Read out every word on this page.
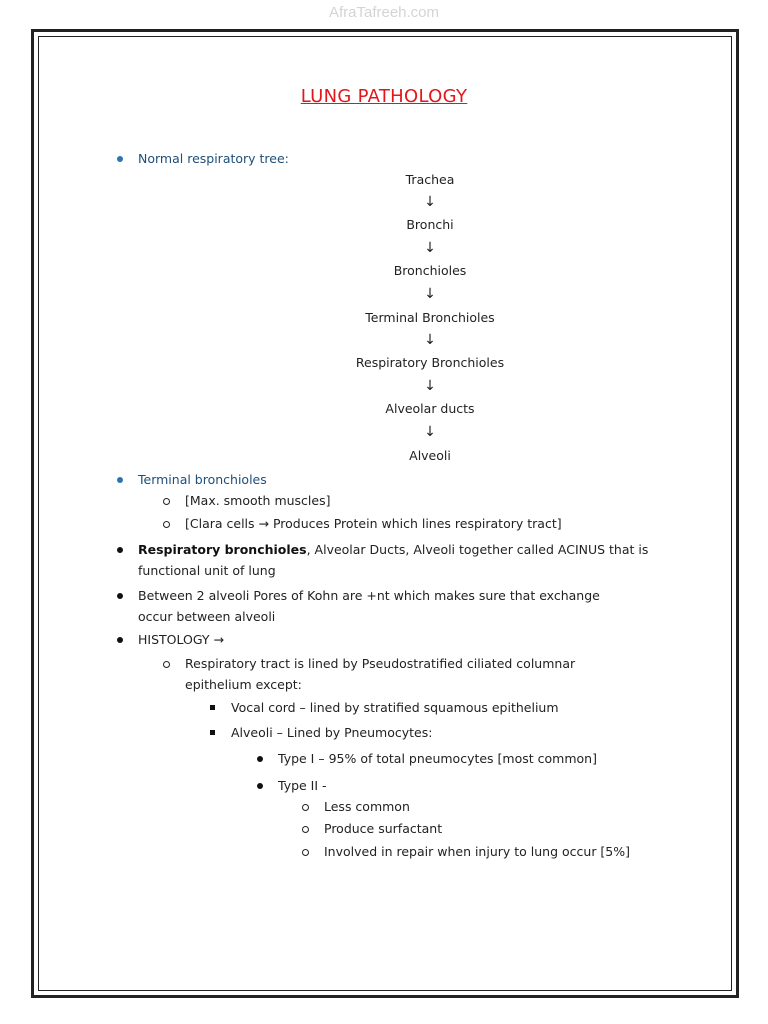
AfraTafreeh.com
LUNG PATHOLOGY
Normal respiratory tree:
Trachea
↓
Bronchi
↓
Bronchioles
↓
Terminal Bronchioles
↓
Respiratory Bronchioles
↓
Alveolar ducts
↓
Alveoli
Terminal bronchioles
[Max. smooth muscles]
[Clara cells → Produces Protein which lines respiratory tract]
Respiratory bronchioles, Alveolar Ducts, Alveoli together called ACINUS that is
functional unit of lung
Between 2 alveoli Pores of Kohn are +nt which makes sure that exchange
occur between alveoli
HISTOLOGY →
Respiratory tract is lined by Pseudostratified ciliated columnar
epithelium except:
Vocal cord – lined by stratified squamous epithelium
Alveoli – Lined by Pneumocytes:
Type I – 95% of total pneumocytes [most common]
Type II -
Less common
Produce surfactant
Involved in repair when injury to lung occur [5%]
